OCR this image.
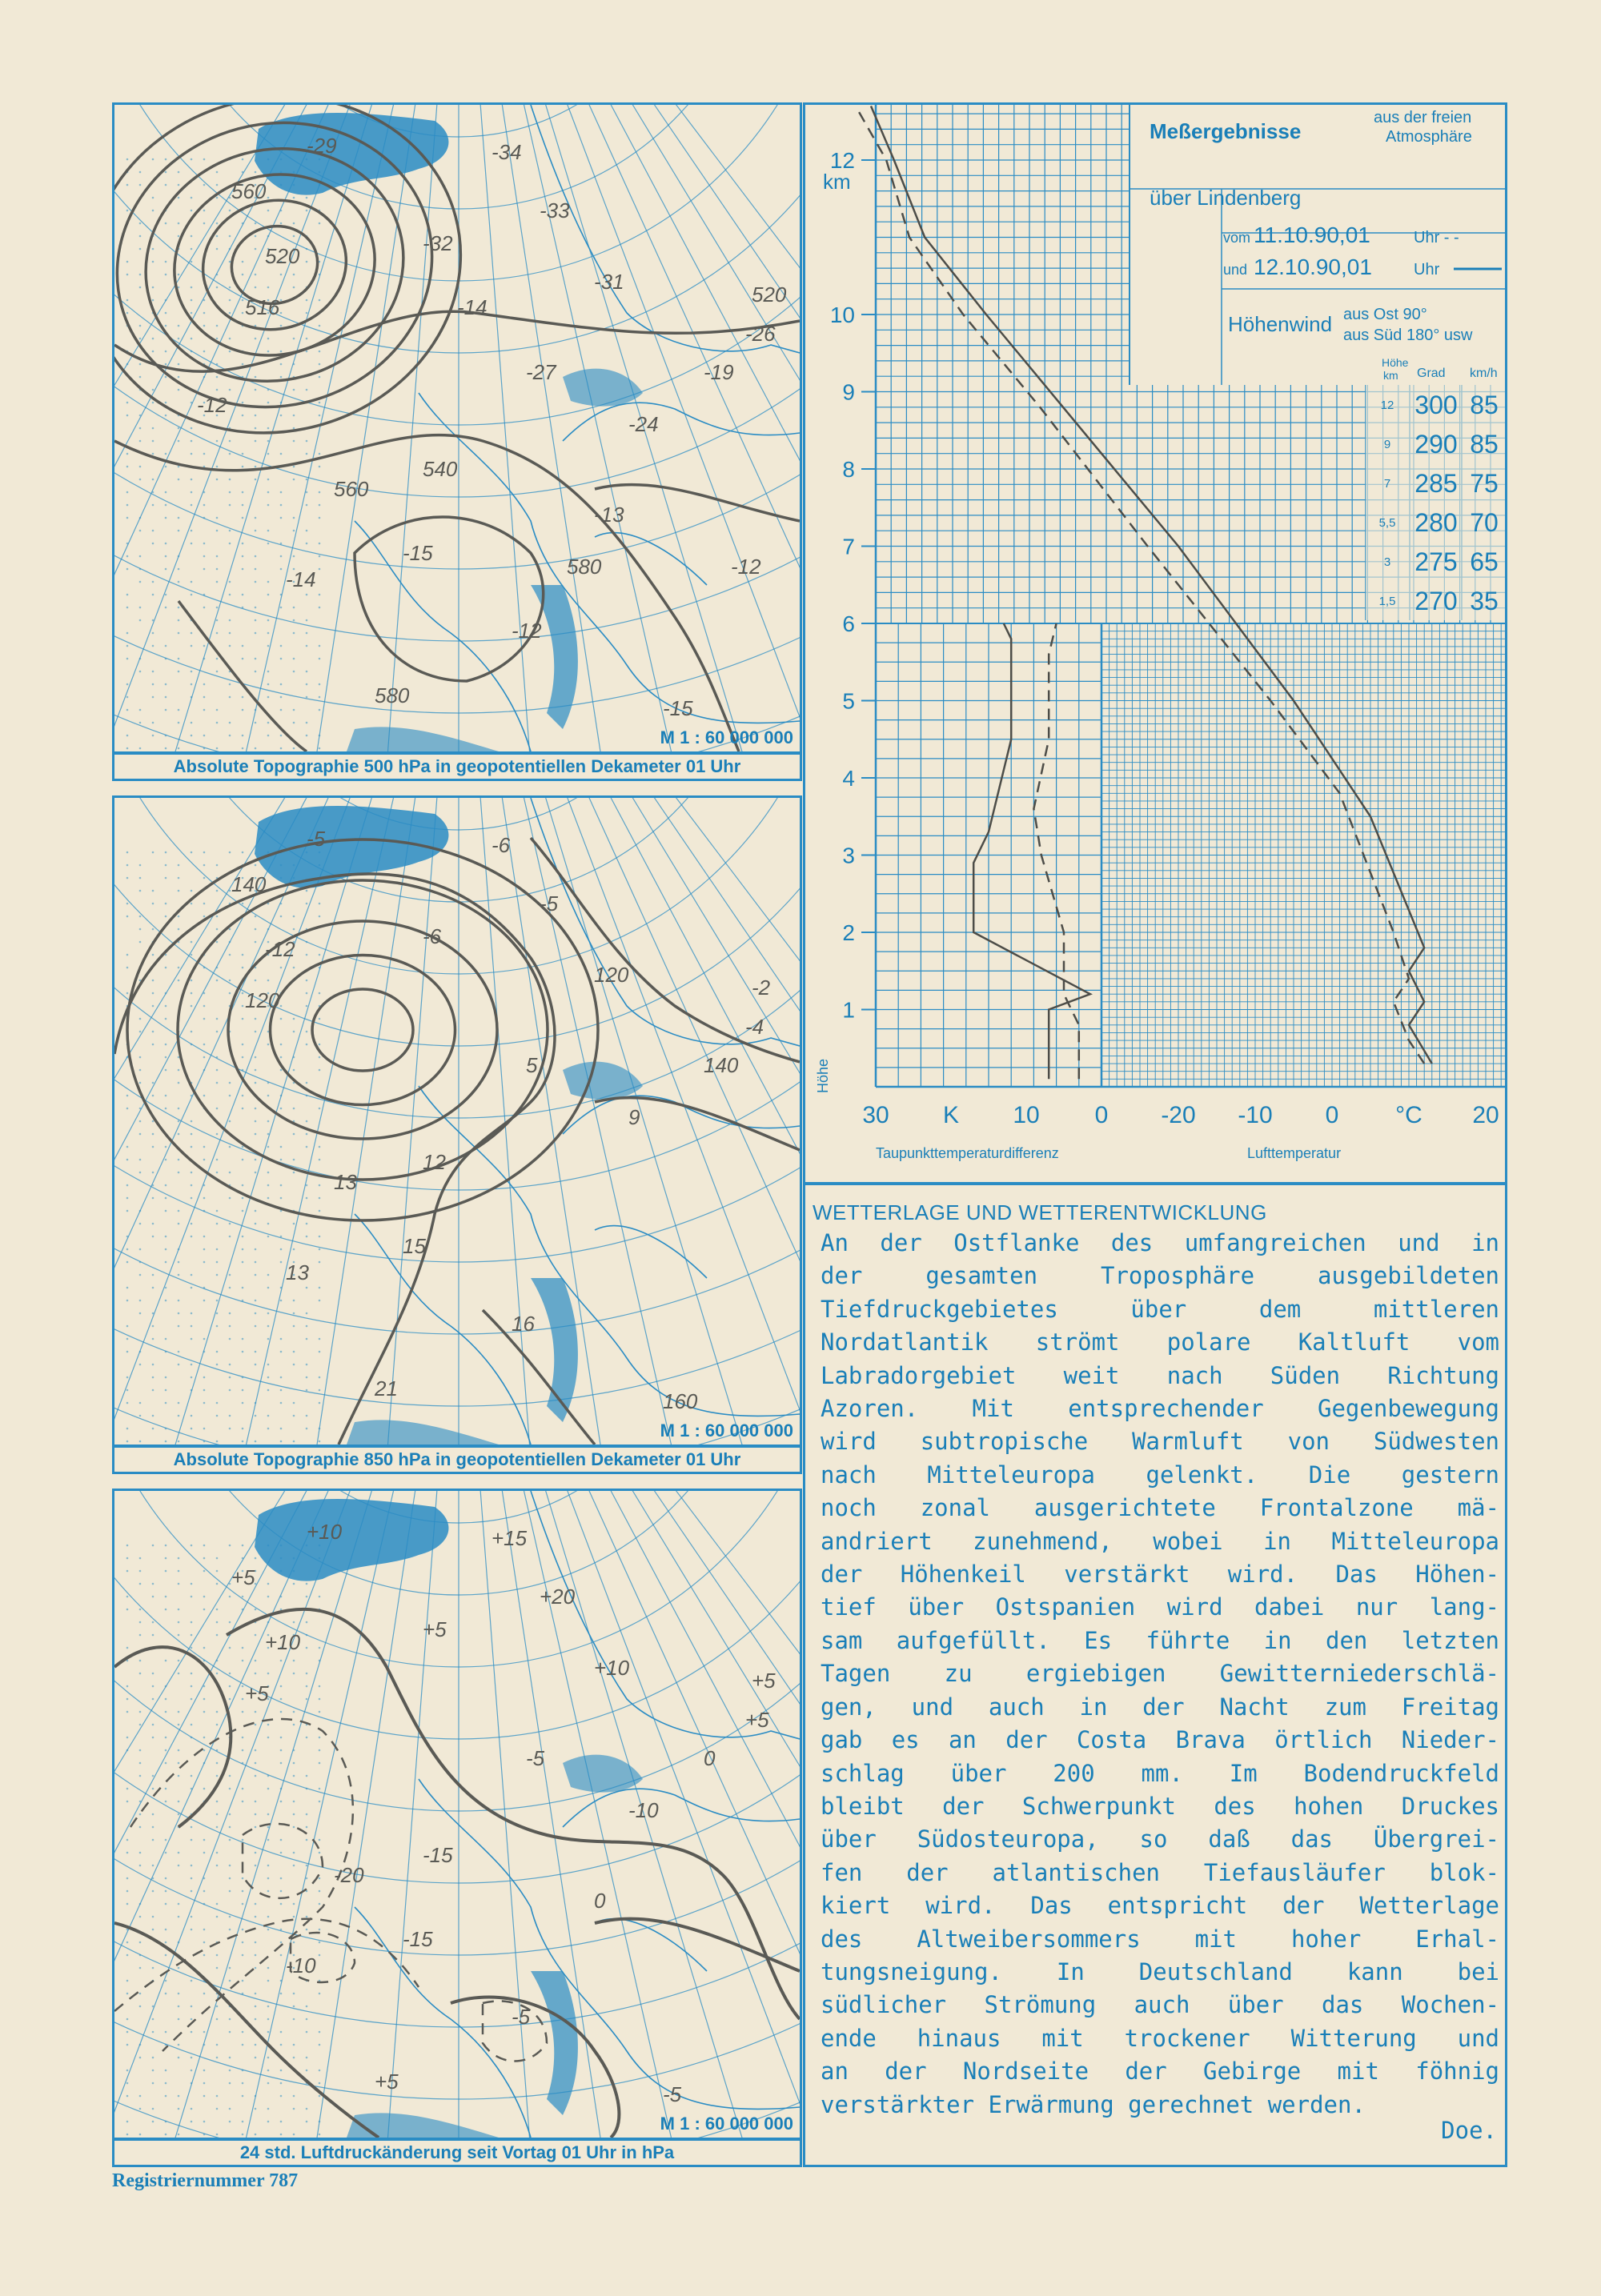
560
520
516
-29	-34
-33
-32
-31
520
-26
-19
-27
-24
540
560
-15
-14
-12
580
-15
-13
-12
-12
-14
580
M 1 : 60 000 000
Absolute Topographie 500 hPa in geopotentiellen Dekameter 01 Uhr
140
-12
120
-5	-6
-5
-6
120
-2
-4
140
5
9
12
13
15
13
16
21
160
M 1 : 60 000 000
Absolute Topographie 850 hPa in geopotentiellen Dekameter 01 Uhr
+5
+10
+5
+10	+15
+20
+5
+10
+5
+5
0
-5
-10
-15
-20
-15
-10
-5
+5
-5
0
M 1 : 60 000 000
24 std. Luftdruckänderung seit Vortag 01 Uhr in hPa
Registriernummer 787
Meßergebnisse
aus der freien
Atmosphäre
über Lindenberg
vom 11.10.90,01	Uhr - -
und 12.10.90,01	Uhr
Höhenwind aus Ost 90°
aus Süd 180° usw
Höhe
km Grad km/h
12 300 85
9 290 85
7 285 75
5,5 280 70
3 275 65
1,5 270 35
km
Höhe
Taupunkttemperaturdifferenz	Lufttemperatur
1
2
3
4
5
6
7
8
9
10
12
30 K 10 0 -20 -10 0 °C 20
WETTERLAGE UND WETTERENTWICKLUNG
An der Ostflanke des umfangreichen und in
der gesamten Troposphäre ausgebildeten
Tiefdruckgebietes über dem mittleren
Nordatlantik strömt polare Kaltluft vom
Labradorgebiet weit nach Süden Richtung
Azoren. Mit entsprechender Gegenbewegung
wird subtropische Warmluft von Südwesten
nach Mitteleuropa gelenkt. Die gestern
noch zonal ausgerichtete Frontalzone mä-
andriert zunehmend, wobei in Mitteleuropa
der Höhenkeil verstärkt wird. Das Höhen-
tief über Ostspanien wird dabei nur lang-
sam aufgefüllt. Es führte in den letzten
Tagen zu ergiebigen Gewitterniederschlä-
gen, und auch in der Nacht zum Freitag
gab es an der Costa Brava örtlich Nieder-
schlag über 200 mm. Im Bodendruckfeld
bleibt der Schwerpunkt des hohen Druckes
über Südosteuropa, so daß das Übergrei-
fen der atlantischen Tiefausläufer blok-
kiert wird. Das entspricht der Wetterlage
des Altweibersommers mit hoher Erhal-
tungsneigung. In Deutschland kann bei
südlicher Strömung auch über das Wochen-
ende hinaus mit trockener Witterung und
an der Nordseite der Gebirge mit föhnig
verstärkter Erwärmung gerechnet werden.
Doe.
